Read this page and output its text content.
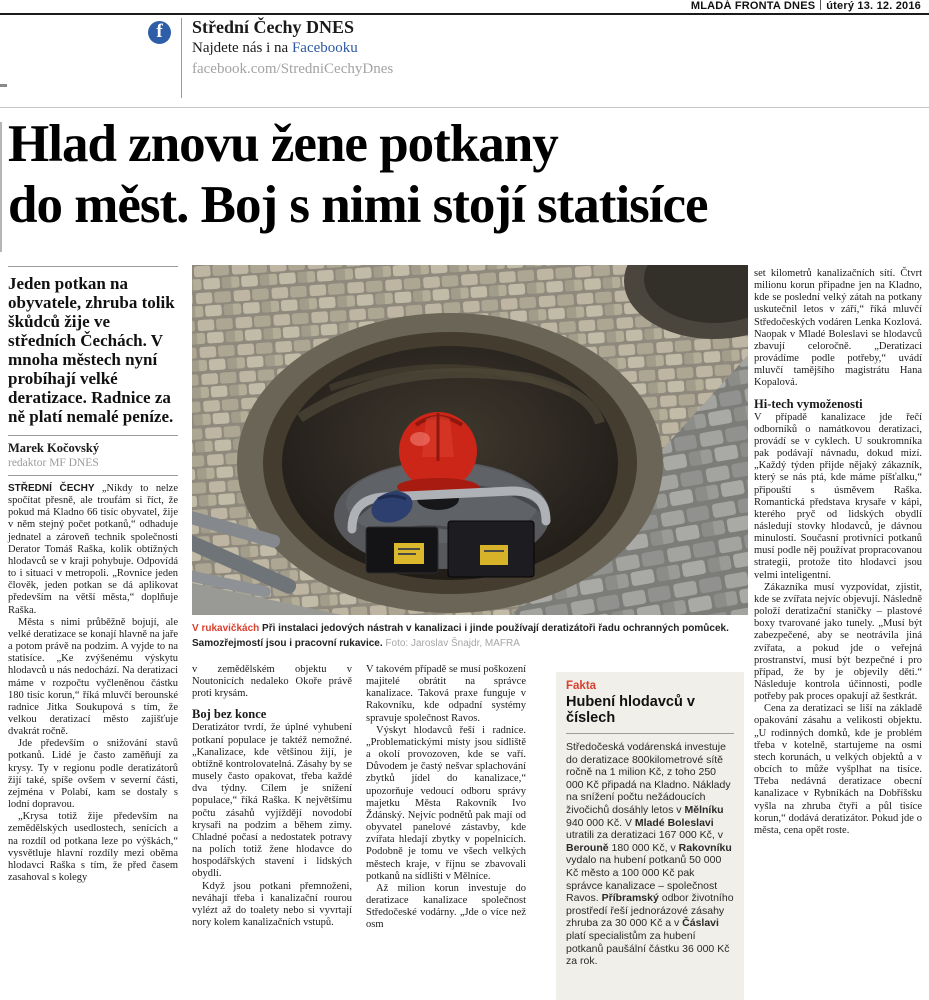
MLADÁ FRONTA DNES úterý 13. 12. 2016
f	Střední Čechy DNES
Najdete nás i na Facebooku
facebook.com/StredniCechyDnes
Hlad znovu žene potkany
do měst. Boj s nimi stojí statisíce

Jeden potkan na obyvatele, zhruba tolik škůdců žije ve středních Čechách. V mnoha městech nyní probíhají velké deratizace. Radnice za ně platí nemalé peníze.

Marek Kočovský
redaktor MF DNES

STŘEDNÍ ČECHY „Nikdy to nelze spočítat přesně, ale troufám si říct, že pokud má Kladno 66 tisíc obyvatel, žije v něm stejný počet potkanů,“ odhaduje jednatel a zároveň technik společnosti Derator Tomáš Raška, kolik obtížných hlodavců se v kraji pohybuje. Odpovídá to i situaci v metropoli. „Rovnice jeden člověk, jeden potkan se dá aplikovat především na větší města,“ doplňuje Raška.

Města s nimi průběžně bojují, ale velké deratizace se konají hlavně na jaře a potom právě na podzim. A vyjde to na statisíce. „Ke zvýšenému výskytu hlodavců u nás nedochází. Na deratizaci máme v rozpočtu vyčleněnou částku 180 tisíc korun,“ říká mluvčí berounské radnice Jitka Soukupová s tím, že velkou deratizací město zajišťuje dvakrát ročně.

Jde především o snižování stavů potkanů. Lidé je často zaměňují za krysy. Ty v regionu podle deratizátorů žijí také, spíše ovšem v severní části, zejména v Polabí, kam se dostaly s lodní dopravou.

„Krysa totiž žije především na zemědělských usedlostech, senících a na rozdíl od potkana leze po výškách,“ vysvětluje hlavní rozdíly mezi oběma hlodavci Raška s tím, že před časem zasahoval s kolegy

V rukavičkách Při instalaci jedových nástrah v kanalizaci i jinde používají deratizátoři řadu ochranných pomůcek. Samozřejmostí jsou i pracovní rukavice. Foto: Jaroslav Šnajdr, MAFRA

v zemědělském objektu v Noutonicích nedaleko Okoře právě proti krysám.

Boj bez konce

Deratizátor tvrdí, že úplné vyhubení potkaní populace je taktéž nemožné. „Kanalizace, kde většinou žijí, je obtížně kontrolovatelná. Zásahy by se musely často opakovat, třeba každé dva týdny. Cílem je snížení populace,“ říká Raška. K největšímu počtu zásahů vyjíždějí novodobí krysaři na podzim a během zimy. Chladné počasí a nedostatek potravy na polích totiž žene hlodavce do hospodářských stavení i lidských obydlí.

Když jsou potkani přemnoženi, neváhají třeba i kanalizační rourou vylézt až do toalety nebo si vyvrtají nory kolem kanalizačních vstupů.

V takovém případě se musí poškození majitelé obrátit na správce kanalizace. Taková praxe funguje v Rakovníku, kde odpadní systémy spravuje společnost Ravos.

Výskyt hlodavců řeší i radnice. „Problematickými místy jsou sídliště a okolí provozoven, kde se vaří. Důvodem je častý nešvar splachování zbytků jídel do kanalizace,“ upozorňuje vedoucí odboru správy majetku Města Rakovník Ivo Ždánský. Nejvíc podnětů pak mají od obyvatel panelové zástavby, kde zvířata hledají zbytky v popelnicích. Podobně je tomu ve všech velkých městech kraje, v říjnu se zbavovali potkanů na sídlišti v Mělníce.

Až milion korun investuje do deratizace kanalizace společnost Středočeské vodárny. „Jde o více než osm

set kilometrů kanalizačních sítí. Čtvrt milionu korun připadne jen na Kladno, kde se poslední velký zátah na potkany uskutečnil letos v září,“ říká mluvčí Středočeských vodáren Lenka Kozlová. Naopak v Mladé Boleslavi se hlodavců zbavují celoročně. „Deratizaci provádíme podle potřeby,“ uvádí mluvčí tamějšího magistrátu Hana Kopalová.

Hi-tech vymoženosti

V případě kanalizace jde řečí odborníků o namátkovou deratizaci, provádí se v cyklech. U soukromníka pak podávají návnadu, dokud mizí. „Každý týden přijde nějaký zákazník, který se nás ptá, kde máme píšťalku,“ připouští s úsměvem Raška. Romantická představa krysaře v kápi, kterého pryč od lidských obydlí následují stovky hlodavců, je dávnou minulostí. Současní protivníci potkanů musí podle něj používat propracovanou strategii, protože tito hlodavci jsou velmi inteligentní.

Zákazníka musí vyzpovídat, zjistit, kde se zvířata nejvíc objevují. Následně položí deratizační staničky – plastové boxy tvarované jako tunely. „Musí být zabezpečené, aby se neotrávila jiná zvířata, a pokud jde o veřejná prostranství, musí být bezpečné i pro případ, že by je objevily děti.“ Následuje kontrola účinnosti, podle potřeby pak proces opakují až šestkrát.

Cena za deratizaci se liší na základě opakování zásahu a velikosti objektu. „U rodinných domků, kde je problém třeba v kotelně, startujeme na osmi stech korunách, u velkých objektů a v obcích to může vyšplhat na tisíce. Třeba nedávná deratizace obecní kanalizace v Rybníkách na Dobříšsku vyšla na zhruba čtyři a půl tisíce korun,“ dodává deratizátor. Pokud jde o města, cena opět roste.

Fakta
Hubení hlodavců v číslech
Středočeská vodárenská investuje do deratizace 800kilometrové sítě ročně na 1 milion Kč, z toho 250 000 Kč připadá na Kladno. Náklady na snížení počtu nežádoucích živočichů dosáhly letos v Mělníku 940 000 Kč. V Mladé Boleslavi utratili za deratizaci 167 000 Kč, v Berouně 180 000 Kč, v Rakovníku vydalo na hubení potkanů 50 000 Kč město a 100 000 Kč pak správce kanalizace – společnost Ravos. Příbramský odbor životního prostředí řeší jednorázové zásahy zhruba za 30 000 Kč a v Čáslavi platí specialistům za hubení potkanů paušální částku 36 000 Kč za rok.
